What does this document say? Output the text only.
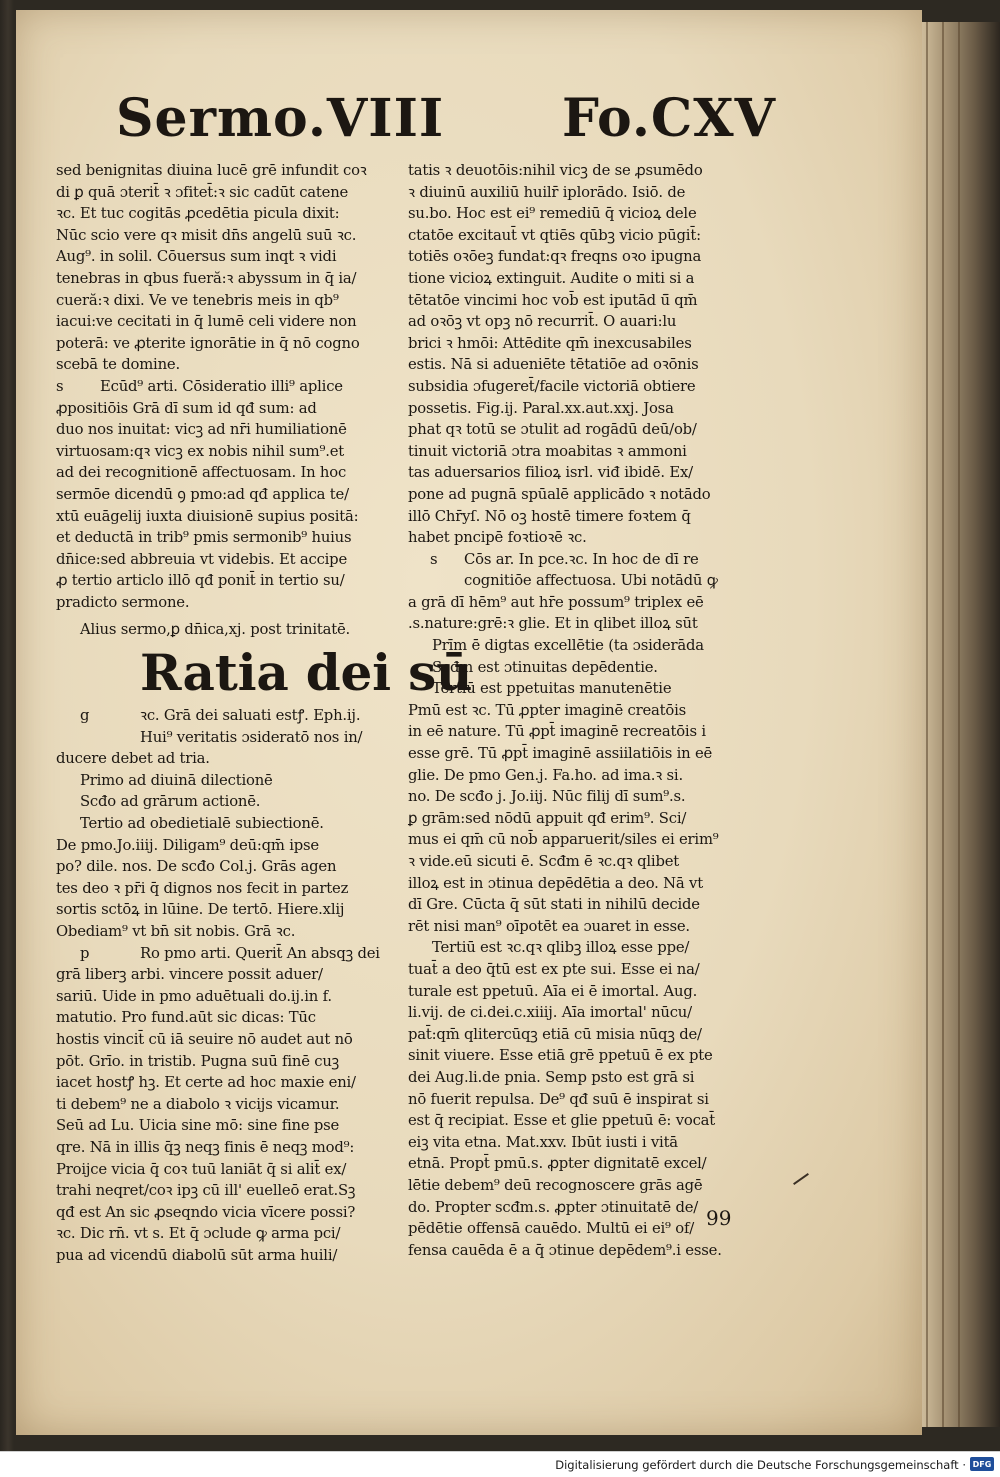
Sermo.VIII Fo.CXV
sed benignitas diuina lucē grē infundit coꝛ
di ꝑ quā ɔterit̄ ꝛ ɔfitet̄:ꝛ sic cadūt catene
ꝛc. Et tuc cogitās ꝓcedētia picula dixit:
Nūc scio vere qꝛ misit dn̄s angelū suū ꝛc.
Aug⁹. in solil. Cōuersus sum inqt ꝛ vidi
tenebras in qbus fueră:ꝛ abyssum in q̄ ia/
cueră:ꝛ dixi. Ve ve tenebris meis in qb⁹
iacui:ve cecitati in q̄ lumē celi videre non
poterā: ve ꝓterite ignorātie in q̄ nō cogno
scebā te domine.
s Ecūd⁹ arti. Cōsideratio illi⁹ aplice
ꝓpositiōis Grā dī sum id qđ sum: ad
duo nos inuitat: vicꝫ ad nr̄i humiliationē
virtuosam:qꝛ vicꝫ ex nobis nihil sum⁹.et
ad dei recognitionē affectuosam. In hoc
sermōe dicendū ꝯ pmo:ad qđ applica te/
xtū euāgelij iuxta diuisionē supius positā:
et deductā in trib⁹ pmis sermonib⁹ huius
dn̄ice:sed abbreuia vt videbis. Et accipe
ꝓ tertio articlo illō qđ ponit̄ in tertio su/
pradicto sermone.
Alius sermo,ꝑ dn̄ica,xj. post trinitatē.
Ratia dei sū
g	ꝛc. Grā dei saluati estꝭ. Eph.ij.
Hui⁹ veritatis ɔsideratō nos in/
ducere debet ad tria.
Primo ad diuinā dilectionē
Scđo ad grārum actionē.
Tertio ad obedietialē subiectionē.
De pmo.Jo.iiij. Diligam⁹ deū:qm̄ ipse
po? dile. nos. De scđo Col.j. Grās agen
tes deo ꝛ pr̄i q̄ dignos nos fecit in partez
sortis sctōꝝ in lūine. De tertō. Hiere.xlij
Obediam⁹ vt bn̄ sit nobis. Grā ꝛc.
p	Ro pmo arti. Querit̄ An absqꝫ dei
grā liberꝫ arbi. vincere possit aduer/
sariū. Uide in pmo aduētuali do.ij.in f.
matutio. Pro fund.aūt sic dicas: Tūc
hostis vincit̄ cū iā seuire nō audet aut nō
pōt. Grīo. in tristib. Pugna suū finē cuꝫ
iacet hostꝭ hꝫ. Et certe ad hoc maxie eni/
ti debem⁹ ne a diabolo ꝛ vicijs vicamur.
Seū ad Lu. Uicia sine mō: sine fine pse
qre. Nā in illis q̄ꝫ neqꝫ finis ē neqꝫ mod⁹:
Proijce vicia q̄ coꝛ tuū laniāt q̄ si alit̄ ex/
trahi neqret/coꝛ ipꝫ cū ill' euelleō erat.Sꝫ
qđ est An sic ꝓseqndo vicia vīcere possi?
ꝛc. Dic rn̄. vt s. Et q̄ ɔclude ꝙ arma pci/
pua ad vicendū diabolū sūt arma huili/
tatis ꝛ deuotōis:nihil vicꝫ de se ꝓsumēdo
ꝛ diuinū auxiliū huilr̄ iplorādo. Isiō. de
su.bo. Hoc est ei⁹ remediū q̄ vicioꝝ dele
ctatōe excitaut̄ vt qtiēs qūbꝫ vicio pūgit̄:
totiēs oꝛōeꝫ fundat:qꝛ freqns oꝛo ipugna
tione vicioꝝ extinguit. Audite o miti si a
tētatōe vincimi hoc vob̄ est iputād ū̄ qm̄
ad oꝛōꝫ vt opꝫ nō recurrit̄. O auari:lu
brici ꝛ hmōi: Attēdite qm̄ inexcusabiles
estis. Nā si adueniēte tētatiōe ad oꝛōnis
subsidia ɔfugeret̄/facile victoriā obtiere
possetis. Fig.ij. Paral.xx.aut.xxj. Josa
phat qꝛ totū se ɔtulit ad rogādū deū/ob/
tinuit victoriā ɔtra moabitas ꝛ ammoni
tas aduersarios filioꝝ isrl. viđ ibidē. Ex/
pone ad pugnā spūalē applicādo ꝛ notādo
illō Chr̄yſ. Nō oꝫ hostē timere foꝛtem q̄
habet pncipē foꝛtioꝛē ꝛc.
s Cōs ar. In pce.ꝛc. In hoc de dī re
cognitiōe affectuosa. Ubi notādū ꝙ
a grā dī hēm⁹ aut hr̄e possum⁹ triplex eē
.s.nature:grē:ꝛ glie. Et in qlibet illoꝝ sūt
Prīm ē digtas excellētie (ta ɔsiderāda
Scđm est ɔtinuitas depēdentie.
Tertiū est ppetuitas manutenētie
Pmū est ꝛc. Tū ꝓpter imaginē creatōis
in eē nature. Tū ꝓpt̄ imaginē recreatōis i
esse grē. Tū ꝓpt̄ imaginē assiilatiōis in eē
glie. De pmo Gen.j. Fa.ho. ad ima.ꝛ si.
no. De scđo j. Jo.iij. Nūc filij dī sum⁹.s.
ꝑ grām:sed nōdū appuit qđ erim⁹. Sci/
mus ei qm̄ cū nob̄ apparuerit/siles ei erim⁹
ꝛ vide.eū sicuti ē. Scđm ē ꝛc.qꝛ qlibet
illoꝝ est in ɔtinua depēdētia a deo. Nā vt
dī Gre. Cūcta q̄ sūt stati in nihilū decide
rēt nisi man⁹ oīpotēt ea ɔuaret in esse.
Tertiū est ꝛc.qꝛ qlibꝫ illoꝝ esse ppe/
tuat̄ a deo q̄tū est ex pte sui. Esse ei na/
turale est ppetuū. Aīa ei ē imortal. Aug.
li.vij. de ci.dei.c.xiiij. Aīa imortal' nūcu/
pat̄:qm̄ qlitercūqꝫ etiā cū misia nūqꝫ de/
sinit viuere. Esse etiā grē ppetuū ē ex pte
dei Aug.li.de pnia. Semp psto est grā si
nō fuerit repulsa. De⁹ qđ suū ē inspirat si
est q̄ recipiat. Esse et glie ppetuū ē: vocat̄
eiꝫ vita etna. Mat.xxv. Ibūt iusti i vitā
etnā. Propt̄ pmū.s. ꝓpter dignitatē excel/
lētie debem⁹ deū recognoscere grās agē
do. Propter scđm.s. ꝓpter ɔtinuitatē de/
pēdētie offensā cauēdo. Multū ei ei⁹ of/
fensa cauēda ē a q̄ ɔtinue depēdem⁹.i esse.
99
Digitalisierung gefördert durch die Deutsche Forschungsgemeinschaft · DFG
